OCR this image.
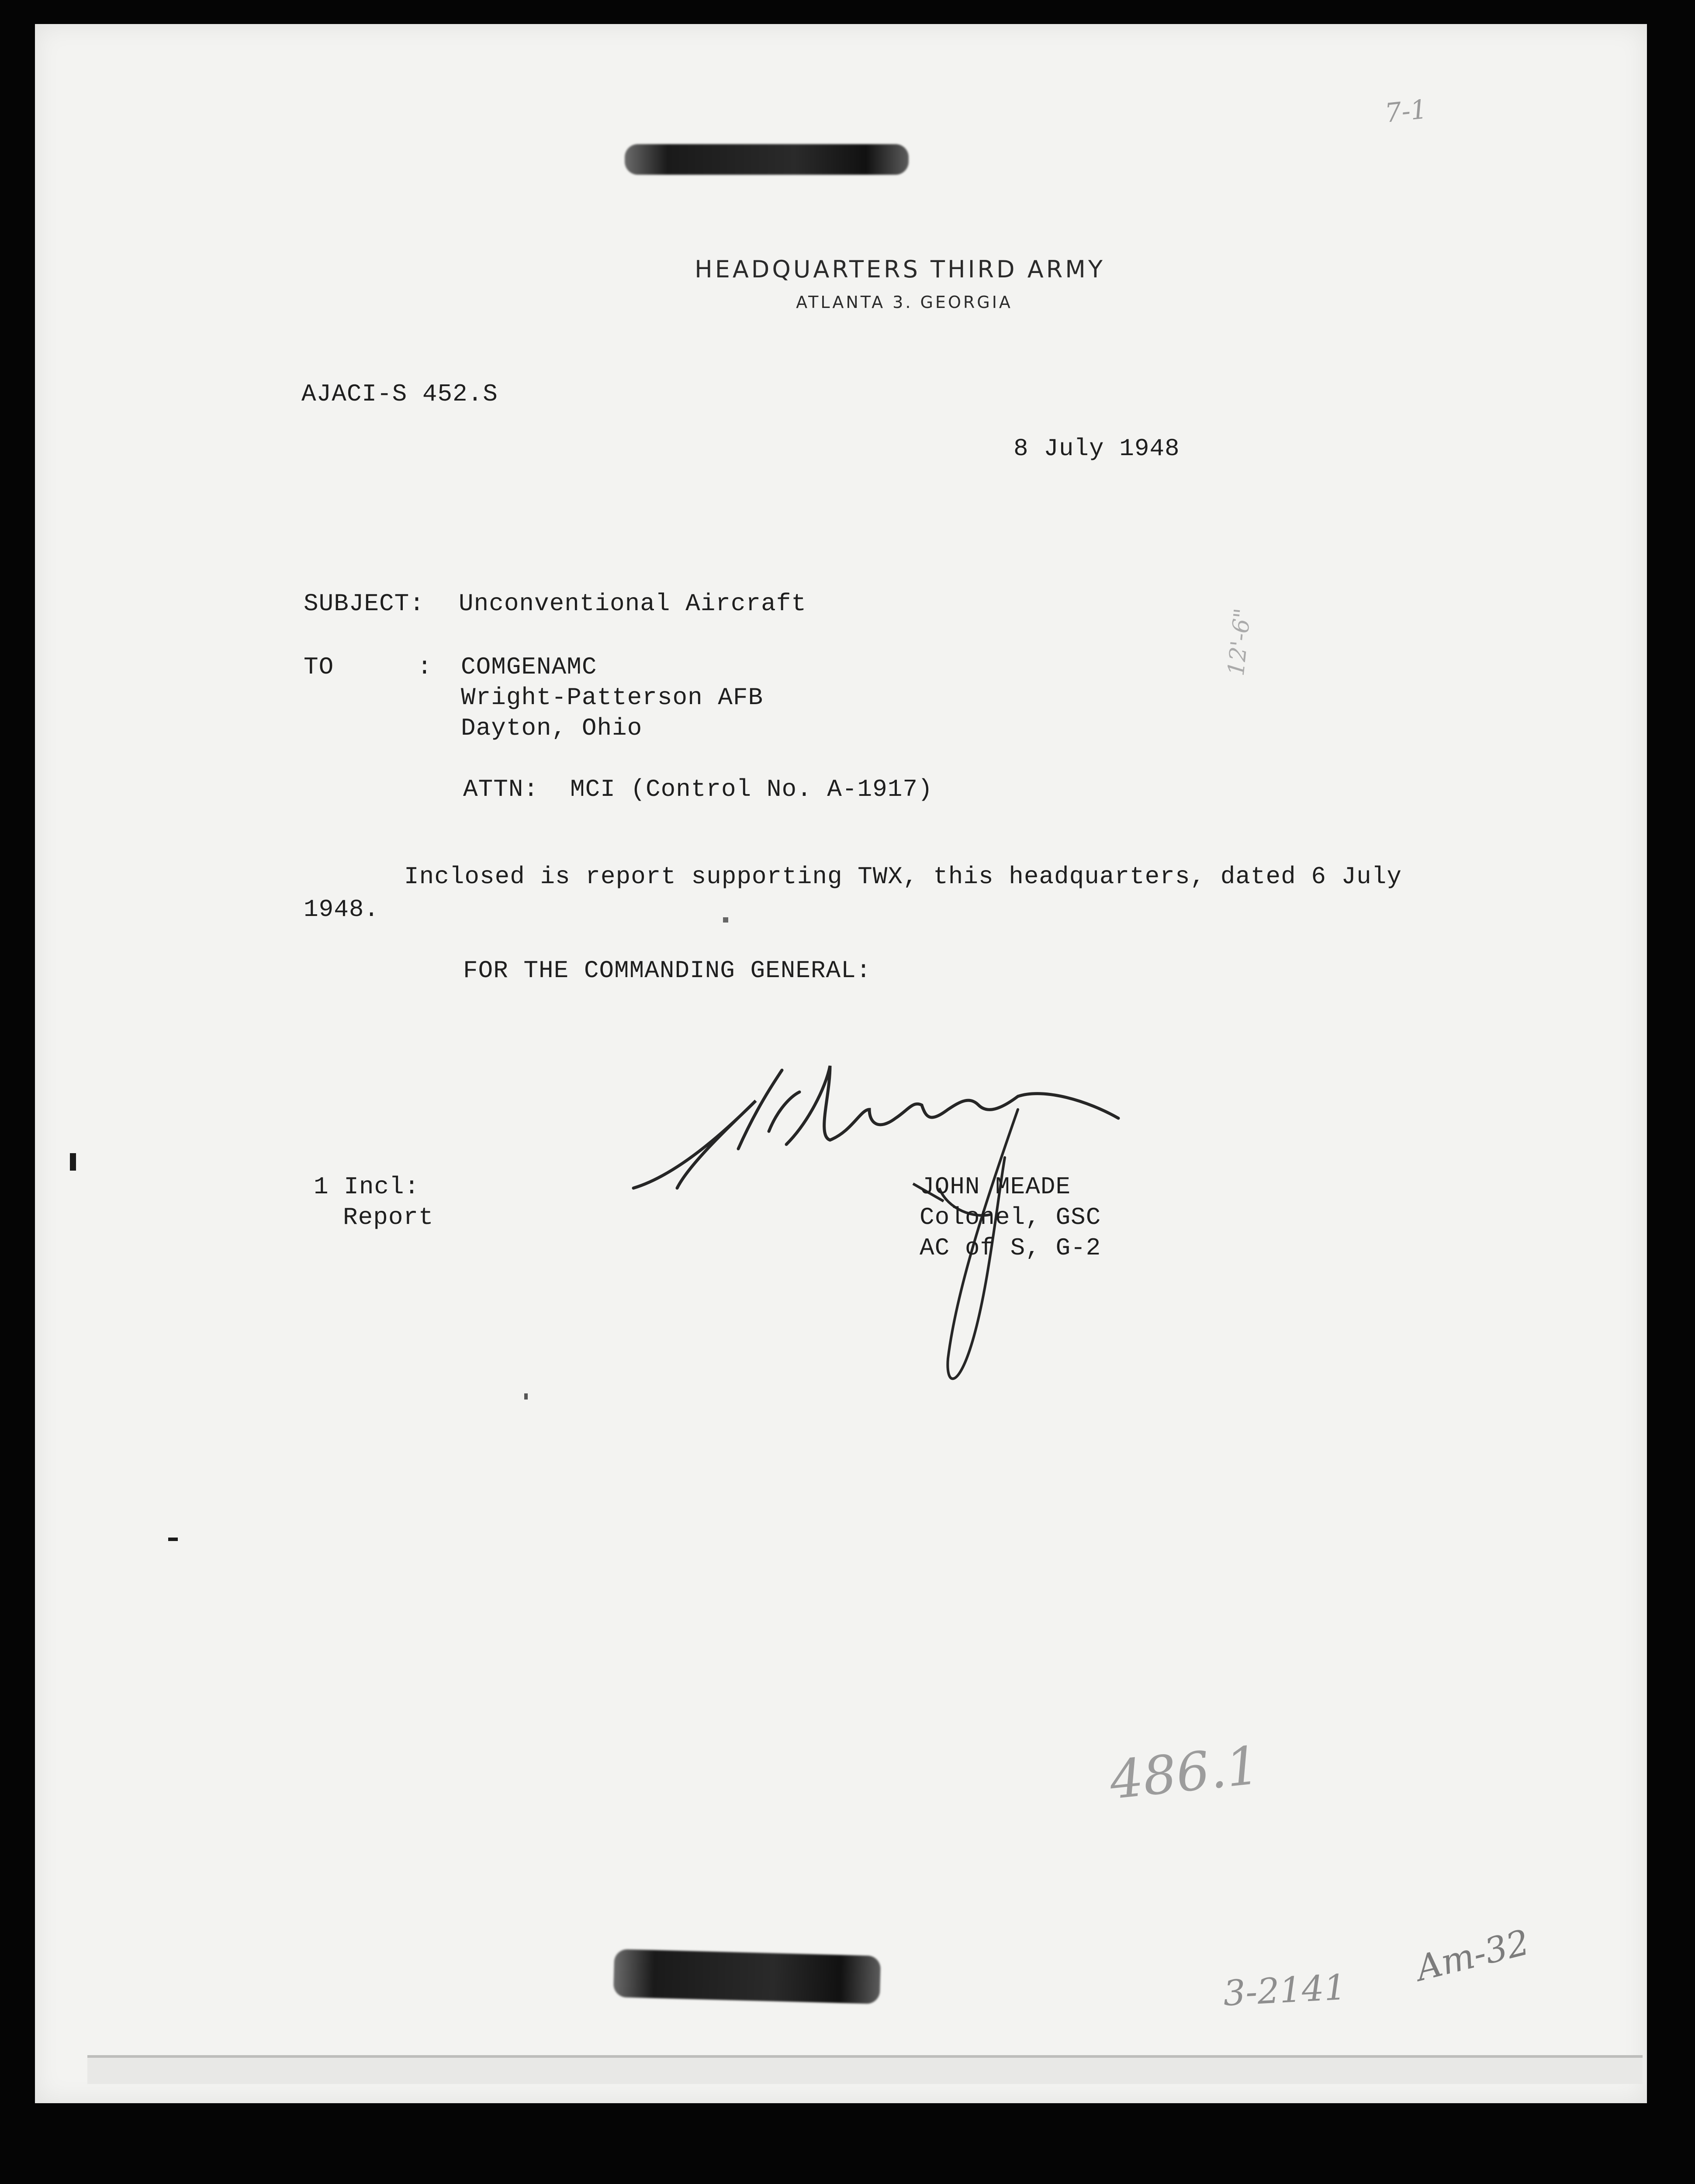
HEADQUARTERS THIRD ARMY
ATLANTA 3. GEORGIA
AJACI-S 452.S
8 July 1948
SUBJECT: Unconventional Aircraft
TO	: COMGENAMC
Wright-Patterson AFB
Dayton, Ohio
ATTN: MCI (Control No. A-1917)
Inclosed is report supporting TWX, this headquarters, dated 6 July
1948.
FOR THE COMMANDING GENERAL:
1 Incl:
Report
JOHN MEADE
Colonel, GSC
AC of S, G-2
7-1
12'-6"
486.1
3-2141
Am-32
